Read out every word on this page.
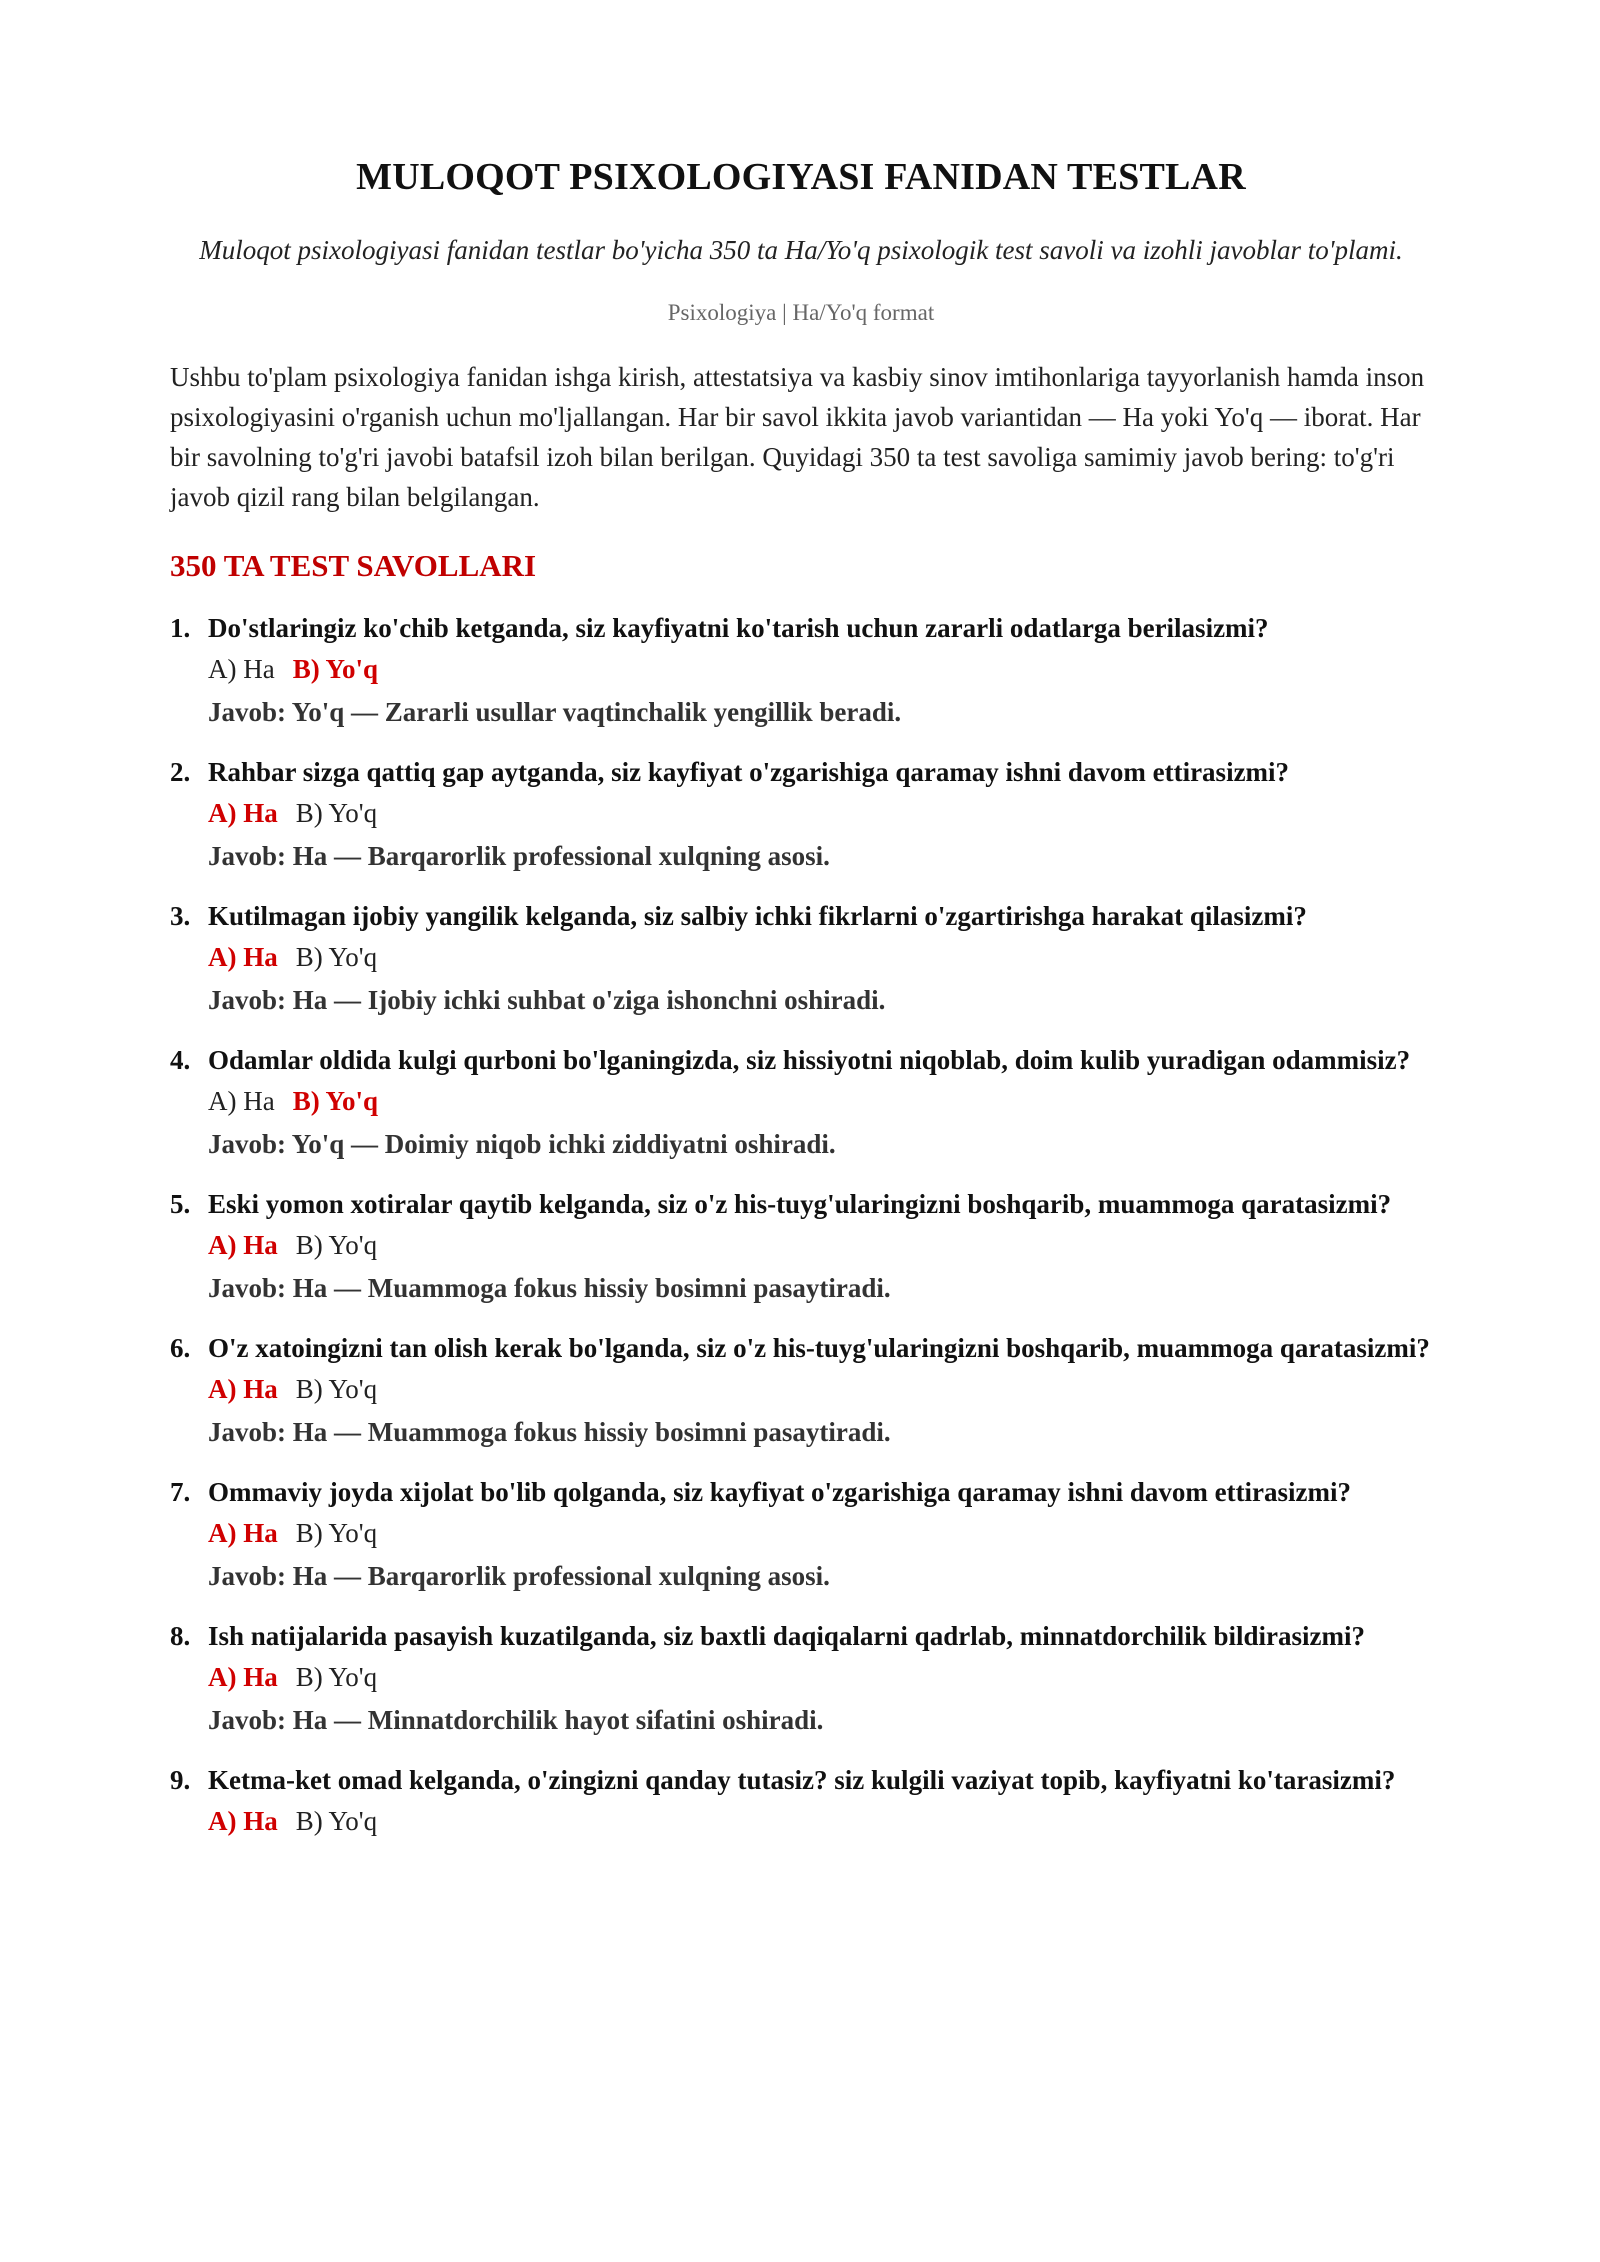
MULOQOT PSIXOLOGIYASI FANIDAN TESTLAR
Muloqot psixologiyasi fanidan testlar bo'yicha 350 ta Ha/Yo'q psixologik test savoli va izohli javoblar to'plami.
Psixologiya | Ha/Yo'q format
Ushbu to'plam psixologiya fanidan ishga kirish, attestatsiya va kasbiy sinov imtihonlariga tayyorlanish hamda inson psixologiyasini o'rganish uchun mo'ljallangan. Har bir savol ikkita javob variantidan — Ha yoki Yo'q — iborat. Har bir savolning to'g'ri javobi batafsil izoh bilan berilgan. Quyidagi 350 ta test savoliga samimiy javob bering: to'g'ri javob qizil rang bilan belgilangan.
350 TA TEST SAVOLLARI
1. Do'stlaringiz ko'chib ketganda, siz kayfiyatni ko'tarish uchun zararli odatlarga berilasizmi?
A) Ha B) Yo'q
Javob: Yo'q — Zararli usullar vaqtinchalik yengillik beradi.
2. Rahbar sizga qattiq gap aytganda, siz kayfiyat o'zgarishiga qaramay ishni davom ettirasizmi?
A) Ha B) Yo'q
Javob: Ha — Barqarorlik professional xulqning asosi.
3. Kutilmagan ijobiy yangilik kelganda, siz salbiy ichki fikrlarni o'zgartirishga harakat qilasizmi?
A) Ha B) Yo'q
Javob: Ha — Ijobiy ichki suhbat o'ziga ishonchni oshiradi.
4. Odamlar oldida kulgi qurboni bo'lganingizda, siz hissiyotni niqoblab, doim kulib yuradigan odammisiz?
A) Ha B) Yo'q
Javob: Yo'q — Doimiy niqob ichki ziddiyatni oshiradi.
5. Eski yomon xotiralar qaytib kelganda, siz o'z his-tuyg'ularingizni boshqarib, muammoga qaratasizmi?
A) Ha B) Yo'q
Javob: Ha — Muammoga fokus hissiy bosimni pasaytiradi.
6. O'z xatoingizni tan olish kerak bo'lganda, siz o'z his-tuyg'ularingizni boshqarib, muammoga qaratasizmi?
A) Ha B) Yo'q
Javob: Ha — Muammoga fokus hissiy bosimni pasaytiradi.
7. Ommaviy joyda xijolat bo'lib qolganda, siz kayfiyat o'zgarishiga qaramay ishni davom ettirasizmi?
A) Ha B) Yo'q
Javob: Ha — Barqarorlik professional xulqning asosi.
8. Ish natijalarida pasayish kuzatilganda, siz baxtli daqiqalarni qadrlab, minnatdorchilik bildirasizmi?
A) Ha B) Yo'q
Javob: Ha — Minnatdorchilik hayot sifatini oshiradi.
9. Ketma-ket omad kelganda, o'zingizni qanday tutasiz? siz kulgili vaziyat topib, kayfiyatni ko'tarasizmi?
A) Ha B) Yo'q
